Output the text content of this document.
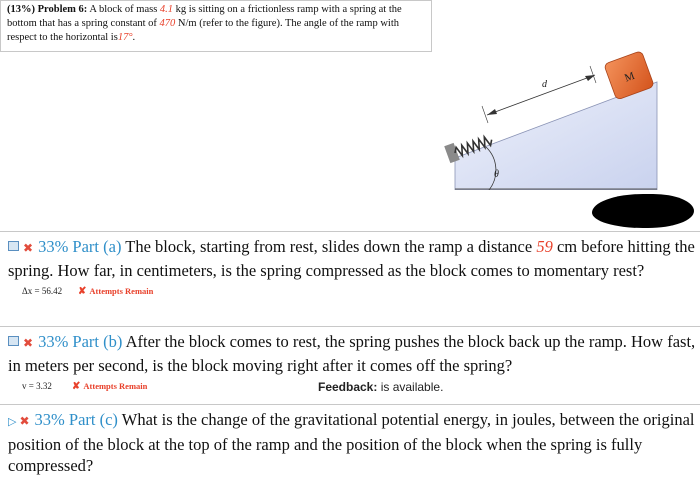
(13%) Problem 6: A block of mass 4.1 kg is sitting on a frictionless ramp with a spring at the bottom that has a spring constant of 470 N/m (refer to the figure). The angle of the ramp with respect to the horizontal is17°.
θ
M
d
✖ 33% Part (a) The block, starting from rest, slides down the ramp a distance 59 cm before hitting the spring. How far, in centimeters, is the spring compressed as the block comes to momentary rest?
Δx = 56.42 ✘ Attempts Remain
✖ 33% Part (b) After the block comes to rest, the spring pushes the block back up the ramp. How fast, in meters per second, is the block moving right after it comes off the spring?
v = 3.32 ✘ Attempts Remain	Feedback: is available.
▷ ✖ 33% Part (c) What is the change of the gravitational potential energy, in joules, between the original position of the block at the top of the ramp and the position of the block when the spring is fully compressed?
